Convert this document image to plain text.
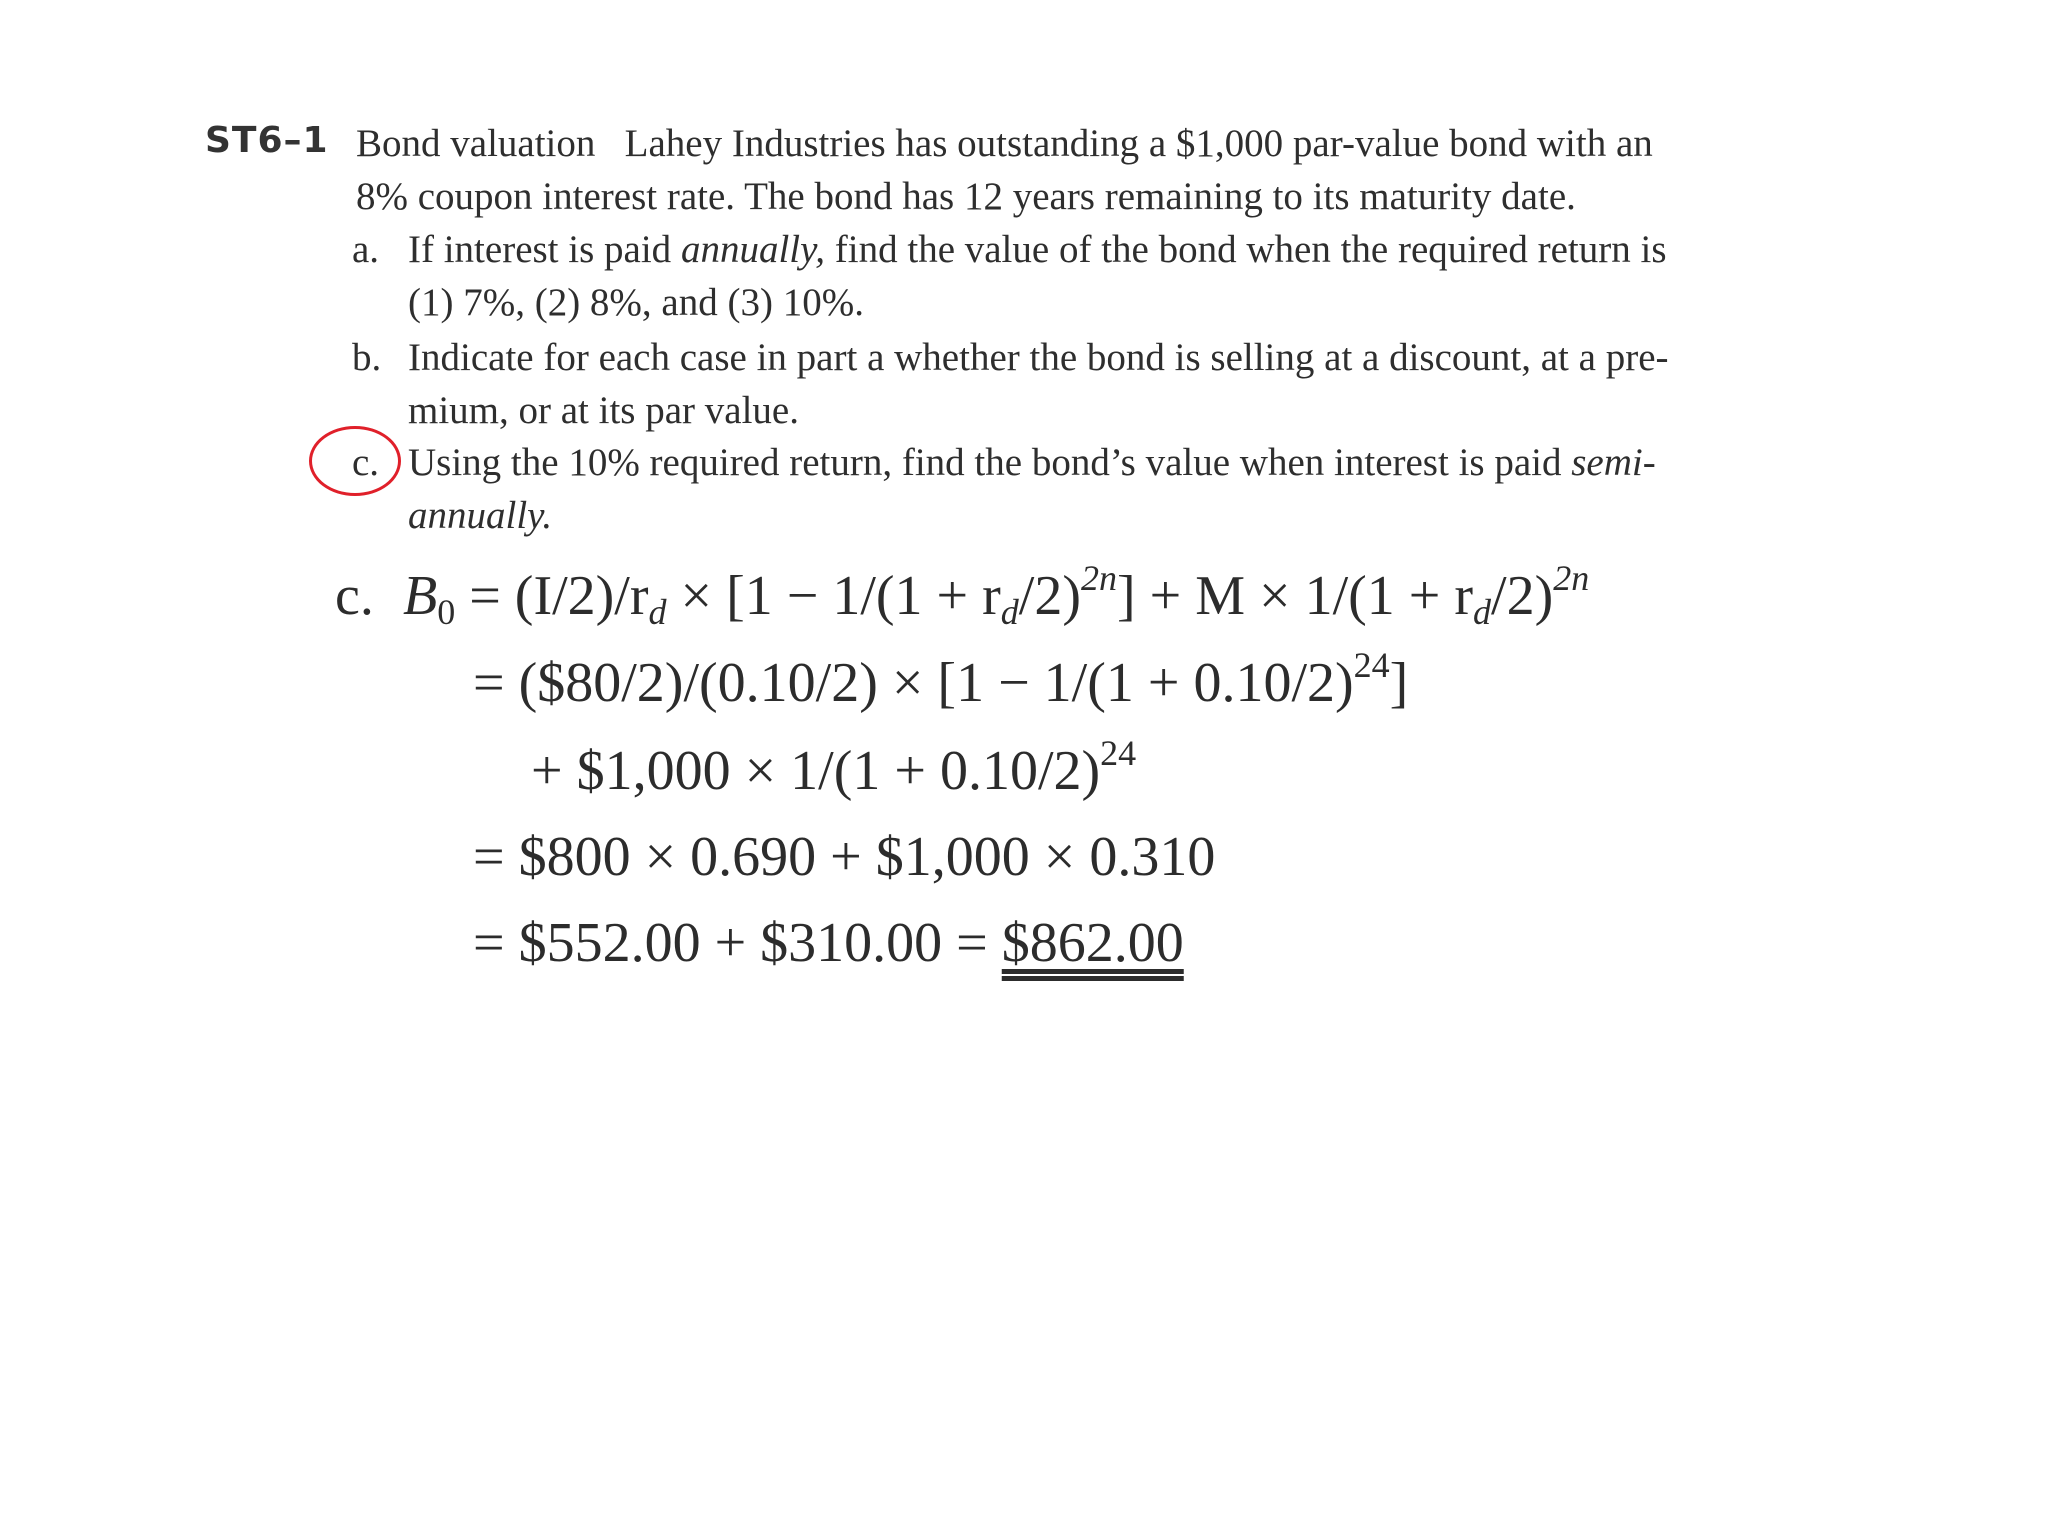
ST6–1 Bond valuation Lahey Industries has outstanding a $1,000 par-value bond with an
8% coupon interest rate. The bond has 12 years remaining to its maturity date.
a. If interest is paid annually, find the value of the bond when the required return is
(1) 7%, (2) 8%, and (3) 10%.
b. Indicate for each case in part a whether the bond is selling at a discount, at a pre-
mium, or at its par value.
c. Using the 10% required return, find the bond’s value when interest is paid semi-
annually.
c. $B_0 = (I/2)/r_d \times [1 - 1/(1 + r_d/2)^{2n}] + M \times 1/(1 + r_d/2)^{2n}$
= ($80/2)/(0.10/2) × $[1 - 1/(1 + 0.10/2)^{24}]$
+ $1,000 × $1/(1 + 0.10/2)^{24}$
= $800 × 0.690 + $1,000 × 0.310
= $552.00 + $310.00 = $862.00
